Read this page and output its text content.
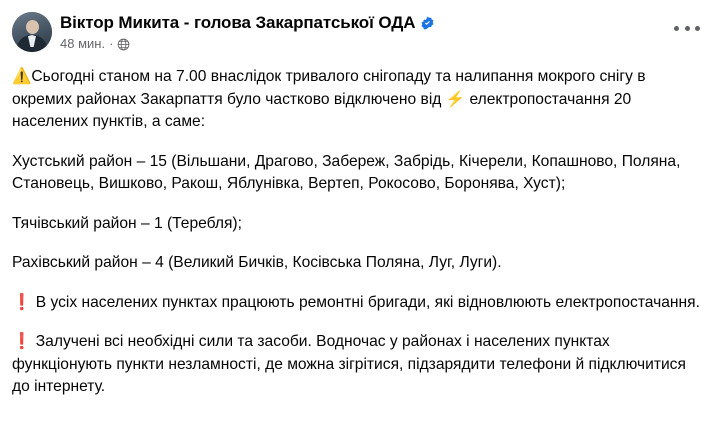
Віктор Микита - голова Закарпатської ОДА
48 мин. ·

⚠️Сьогодні станом на 7.00 внаслідок тривалого снігопаду та налипання мокрого снігу в окремих районах Закарпаття було частково відключено від ⚡ електропостачання 20 населених пунктів, а саме:

Хустський район – 15 (Вільшани, Драгово, Забереж, Забрідь, Кічерели, Копашново, Поляна, Становець, Вишково, Ракош, Яблунівка, Вертеп, Рокосово, Боронява, Хуст);

Тячівський район – 1 (Теребля);

Рахівський район – 4 (Великий Бичків, Косівська Поляна, Луг, Луги).

❗ В усіх населених пунктах працюють ремонтні бригади, які відновлюють електропостачання.

❗ Залучені всі необхідні сили та засоби. Водночас у районах і населених пунктах функціонують пункти незламності, де можна зігрітися, підзарядити телефони й підключитися до інтернету.
